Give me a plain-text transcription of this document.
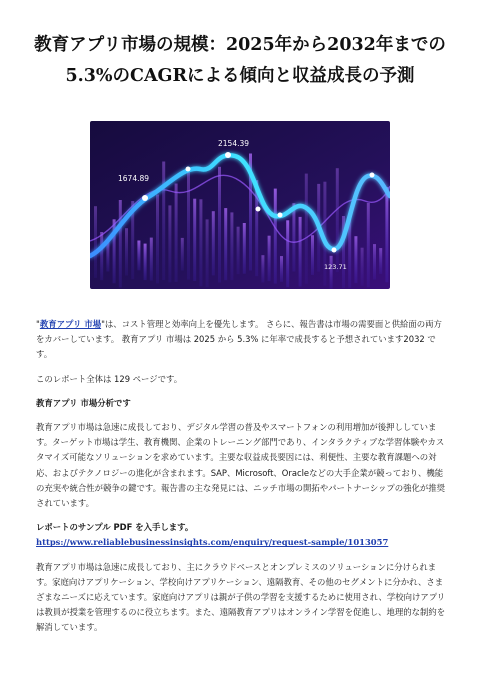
教育アプリ市場の規模：2025年から2032年までの5.3%のCAGRによる傾向と収益成長の予測
1674.89
2154.39
123.71

"教育アプリ 市場"は、コスト管理と効率向上を優先します。 さらに、報告書は市場の需要面と供給面の両方をカバーしています。 教育アプリ 市場は 2025 から 5.3% に年率で成長すると予想されています2032 です。

このレポート全体は 129 ページです。

教育アプリ 市場分析です

教育アプリ市場は急速に成長しており、デジタル学習の普及やスマートフォンの利用増加が後押ししています。ターゲット市場は学生、教育機関、企業のトレーニング部門であり、インタラクティブな学習体験やカスタマイズ可能なソリューションを求めています。主要な収益成長要因には、利便性、主要な教育課題への対応、およびテクノロジーの進化が含まれます。SAP、Microsoft、Oracleなどの大手企業が競っており、機能の充実や統合性が競争の鍵です。報告書の主な発見には、ニッチ市場の開拓やパートナーシップの強化が推奨されています。

レポートのサンプル PDF を入手します。 https://www.reliablebusinessinsights.com/enquiry/request-sample/1013057

教育アプリ市場は急速に成長しており、主にクラウドベースとオンプレミスのソリューションに分けられます。家庭向けアプリケーション、学校向けアプリケーション、遠隔教育、その他のセグメントに分かれ、さまざまなニーズに応えています。家庭向けアプリは親が子供の学習を支援するために使用され、学校向けアプリは教員が授業を管理するのに役立ちます。また、遠隔教育アプリはオンライン学習を促進し、地理的な制約を解消しています。
